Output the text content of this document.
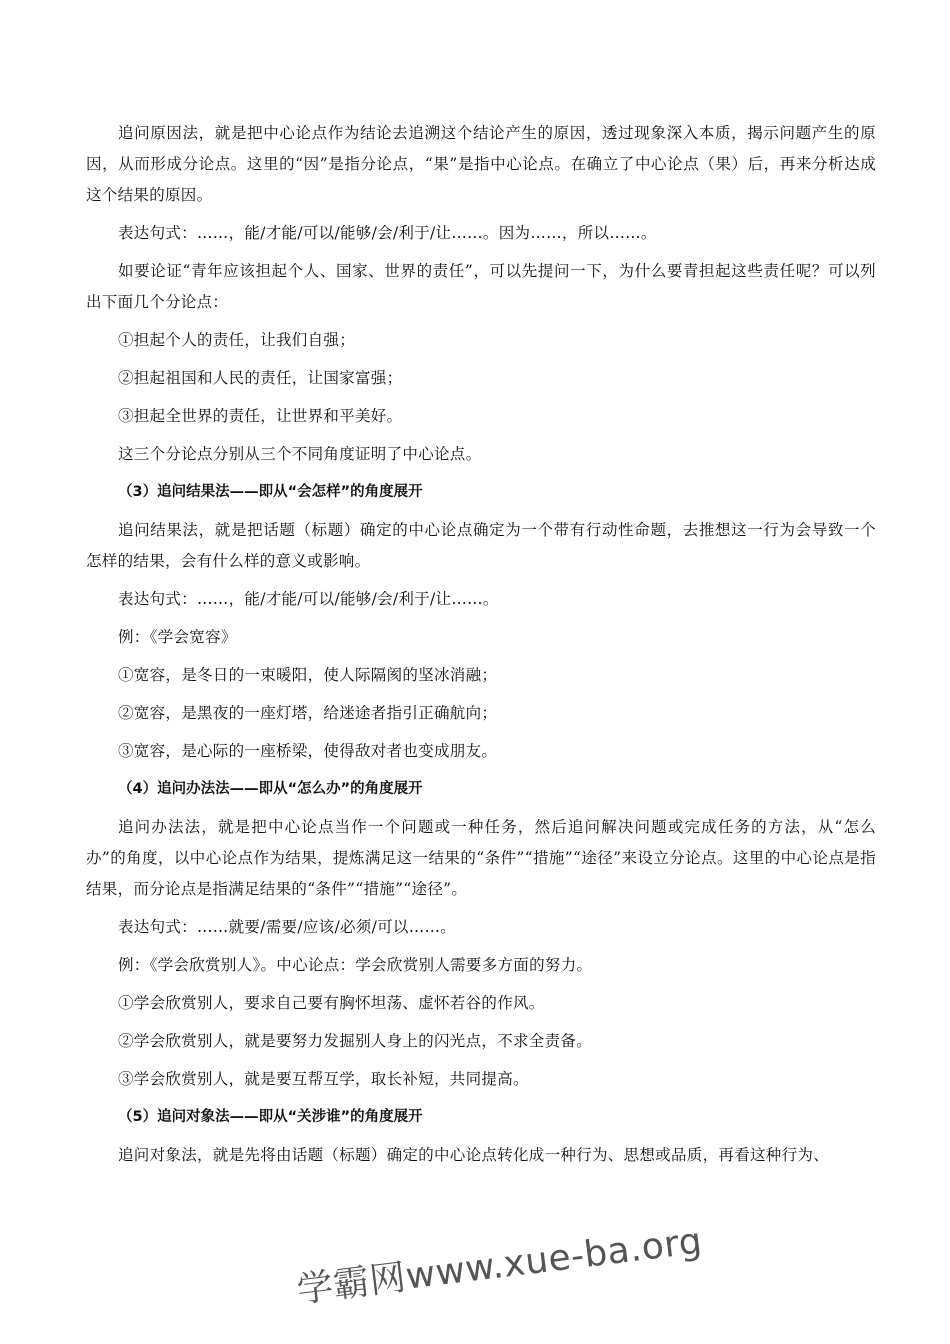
追问原因法，就是把中心论点作为结论去追溯这个结论产生的原因，透过现象深入本质，揭示问题产生的原因，从而形成分论点。这里的“因”是指分论点，“果”是指中心论点。在确立了中心论点（果）后，再来分析达成这个结果的原因。

表达句式：……，能/才能/可以/能够/会/利于/让……。因为……，所以……。

如要论证“青年应该担起个人、国家、世界的责任”，可以先提问一下，为什么要青担起这些责任呢？可以列出下面几个分论点：

①担起个人的责任，让我们自强；
②担起祖国和人民的责任，让国家富强；
③担起全世界的责任，让世界和平美好。

这三个分论点分别从三个不同角度证明了中心论点。

（3）追问结果法——即从“会怎样”的角度展开

追问结果法，就是把话题（标题）确定的中心论点确定为一个带有行动性命题，去推想这一行为会导致一个怎样的结果，会有什么样的意义或影响。

表达句式：……，能/才能/可以/能够/会/利于/让……。

例：《学会宽容》

①宽容，是冬日的一束暖阳，使人际隔阂的坚冰消融；
②宽容，是黑夜的一座灯塔，给迷途者指引正确航向；
③宽容，是心际的一座桥梁，使得敌对者也变成朋友。
（4）追问办法法——即从“怎么办”的角度展开

追问办法法，就是把中心论点当作一个问题或一种任务，然后追问解决问题或完成任务的方法，从“怎么办”的角度，以中心论点作为结果，提炼满足这一结果的“条件”“措施”“途径”来设立分论点。这里的中心论点是指结果，而分论点是指满足结果的“条件”“措施”“途径”。

表达句式：……就要/需要/应该/必须/可以……。

例：《学会欣赏别人》。中心论点：学会欣赏别人需要多方面的努力。

①学会欣赏别人，要求自己要有胸怀坦荡、虚怀若谷的作风。
②学会欣赏别人，就是要努力发掘别人身上的闪光点，不求全责备。
③学会欣赏别人，就是要互帮互学，取长补短，共同提高。
（5）追问对象法——即从“关涉谁”的角度展开

追问对象法，就是先将由话题（标题）确定的中心论点转化成一种行为、思想或品质，再看这种行为、

学霸网www.xue-ba.org
